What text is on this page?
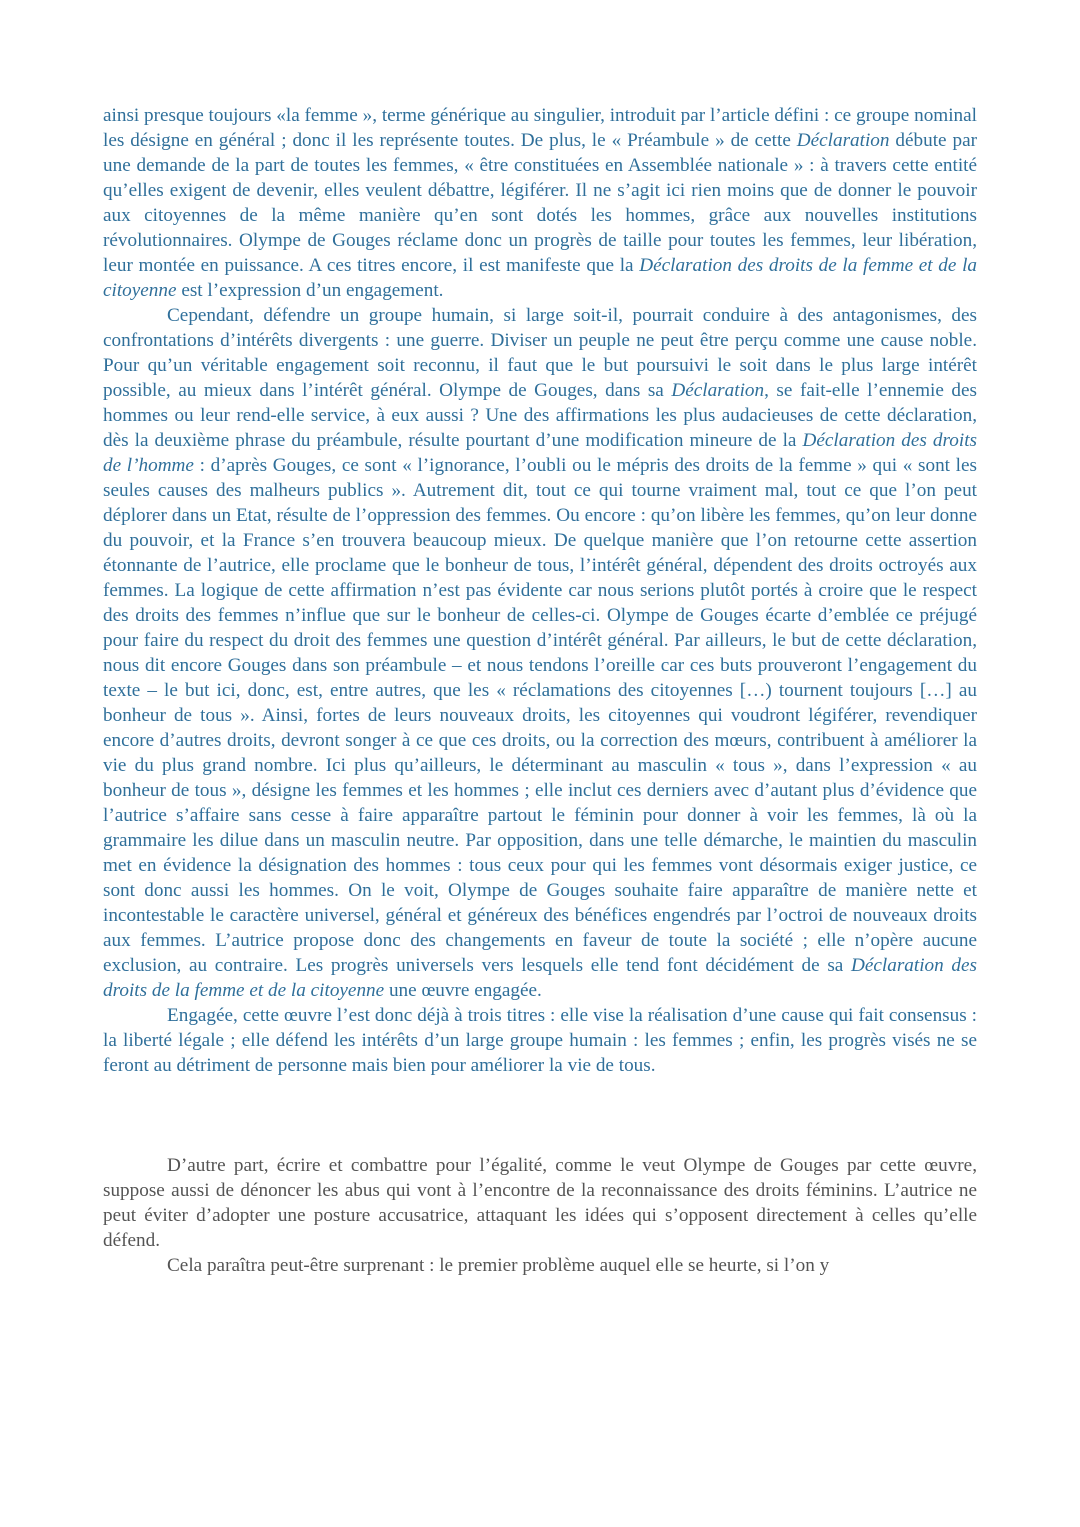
ainsi presque toujours «la femme », terme générique au singulier, introduit par l’article défini : ce groupe nominal les désigne en général ; donc il les représente toutes. De plus, le « Préambule » de cette Déclaration débute par une demande de la part de toutes les femmes, « être constituées en Assemblée nationale » : à travers cette entité qu’elles exigent de devenir, elles veulent débattre, légiférer. Il ne s’agit ici rien moins que de donner le pouvoir aux citoyennes de la même manière qu’en sont dotés les hommes, grâce aux nouvelles institutions révolutionnaires. Olympe de Gouges réclame donc un progrès de taille pour toutes les femmes, leur libération, leur montée en puissance. A ces titres encore, il est manifeste que la Déclaration des droits de la femme et de la citoyenne est l’expression d’un engagement.

Cependant, défendre un groupe humain, si large soit-il, pourrait conduire à des antagonismes, des confrontations d’intérêts divergents : une guerre. Diviser un peuple ne peut être perçu comme une cause noble. Pour qu’un véritable engagement soit reconnu, il faut que le but poursuivi le soit dans le plus large intérêt possible, au mieux dans l’intérêt général. Olympe de Gouges, dans sa Déclaration, se fait-elle l’ennemie des hommes ou leur rend-elle service, à eux aussi ? Une des affirmations les plus audacieuses de cette déclaration, dès la deuxième phrase du préambule, résulte pourtant d’une modification mineure de la Déclaration des droits de l’homme : d’après Gouges, ce sont « l’ignorance, l’oubli ou le mépris des droits de la femme » qui « sont les seules causes des malheurs publics ». Autrement dit, tout ce qui tourne vraiment mal, tout ce que l’on peut déplorer dans un Etat, résulte de l’oppression des femmes. Ou encore : qu’on libère les femmes, qu’on leur donne du pouvoir, et la France s’en trouvera beaucoup mieux. De quelque manière que l’on retourne cette assertion étonnante de l’autrice, elle proclame que le bonheur de tous, l’intérêt général, dépendent des droits octroyés aux femmes. La logique de cette affirmation n’est pas évidente car nous serions plutôt portés à croire que le respect des droits des femmes n’influe que sur le bonheur de celles-ci. Olympe de Gouges écarte d’emblée ce préjugé pour faire du respect du droit des femmes une question d’intérêt général. Par ailleurs, le but de cette déclaration, nous dit encore Gouges dans son préambule – et nous tendons l’oreille car ces buts prouveront l’engagement du texte – le but ici, donc, est, entre autres, que les « réclamations des citoyennes […) tournent toujours […] au bonheur de tous ». Ainsi, fortes de leurs nouveaux droits, les citoyennes qui voudront légiférer, revendiquer encore d’autres droits, devront songer à ce que ces droits, ou la correction des mœurs, contribuent à améliorer la vie du plus grand nombre. Ici plus qu’ailleurs, le déterminant au masculin « tous », dans l’expression « au bonheur de tous », désigne les femmes et les hommes ; elle inclut ces derniers avec d’autant plus d’évidence que l’autrice s’affaire sans cesse à faire apparaître partout le féminin pour donner à voir les femmes, là où la grammaire les dilue dans un masculin neutre. Par opposition, dans une telle démarche, le maintien du masculin met en évidence la désignation des hommes : tous ceux pour qui les femmes vont désormais exiger justice, ce sont donc aussi les hommes. On le voit, Olympe de Gouges souhaite faire apparaître de manière nette et incontestable le caractère universel, général et généreux des bénéfices engendrés par l’octroi de nouveaux droits aux femmes. L’autrice propose donc des changements en faveur de toute la société ; elle n’opère aucune exclusion, au contraire. Les progrès universels vers lesquels elle tend font décidément de sa Déclaration des droits de la femme et de la citoyenne une œuvre engagée.

Engagée, cette œuvre l’est donc déjà à trois titres : elle vise la réalisation d’une cause qui fait consensus : la liberté légale ; elle défend les intérêts d’un large groupe humain : les femmes ; enfin, les progrès visés ne se feront au détriment de personne mais bien pour améliorer la vie de tous.

D’autre part, écrire et combattre pour l’égalité, comme le veut Olympe de Gouges par cette œuvre, suppose aussi de dénoncer les abus qui vont à l’encontre de la reconnaissance des droits féminins. L’autrice ne peut éviter d’adopter une posture accusatrice, attaquant les idées qui s’opposent directement à celles qu’elle défend.

Cela paraîtra peut-être surprenant : le premier problème auquel elle se heurte, si l’on y
